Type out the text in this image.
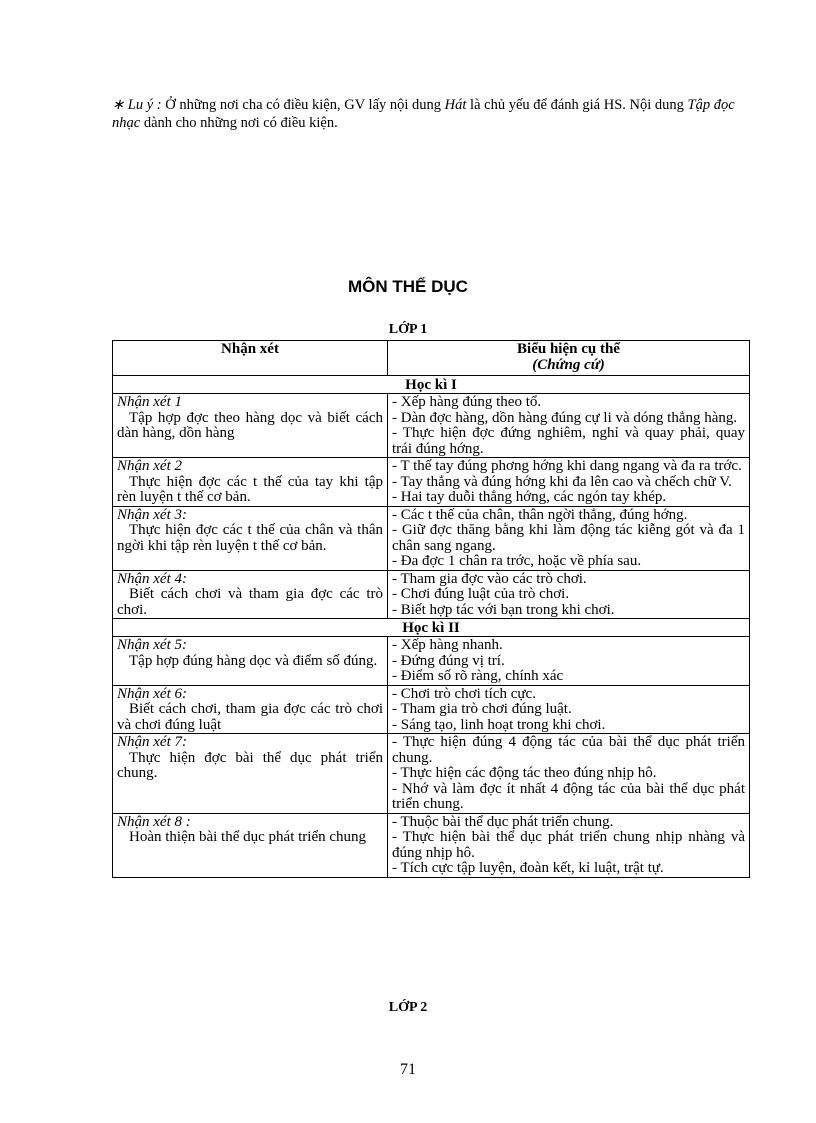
∗ Lu ý : Ở những nơi cha có điều kiện, GV lấy nội dung Hát là chủ yếu để đánh giá HS. Nội dung Tập đọc nhạc dành cho những nơi có điều kiện.
MÔN THỂ DỤC
LỚP 1
Nhận xét	Biểu hiện cụ thể
(Chứng cứ)

Học kì I	

Nhận xét 1
Tập hợp đợc theo hàng dọc và biết cách dàn hàng, dồn hàng	- Xếp hàng đúng theo tổ.
- Dàn đợc hàng, dồn hàng đúng cự li và dóng thẳng hàng.
- Thực hiện đợc đứng nghiêm, nghỉ và quay phải, quay trái đúng hớng.

Nhận xét 2
Thực hiện đợc các t thế của tay khi tập rèn luyện t thế cơ bản.	- T thế tay đúng phơng hớng khi dang ngang và đa ra trớc.
- Tay thẳng và đúng hớng khi đa lên cao và chếch chữ V.
- Hai tay duỗi thẳng hớng, các ngón tay khép.

Nhận xét 3:
Thực hiện đợc các t thế của chân và thân ngời khi tập rèn luyện t thế cơ bản.	- Các t thế của chân, thân ngời thẳng, đúng hớng.
- Giữ đợc thăng bằng khi làm động tác kiễng gót và đa 1 chân sang ngang.
- Đa đợc 1 chân ra trớc, hoặc về phía sau.

Nhận xét 4:
Biết cách chơi và tham gia đợc các trò chơi.	- Tham gia đợc vào các trò chơi.
- Chơi đúng luật của trò chơi.
- Biết hợp tác với bạn trong khi chơi.

Học kì II	

Nhận xét 5:
Tập hợp đúng hàng dọc và điểm số đúng.	- Xếp hàng nhanh.
- Đứng đúng vị trí.
- Điểm số rõ ràng, chính xác

Nhận xét 6:
Biết cách chơi, tham gia đợc các trò chơi và chơi đúng luật	- Chơi trò chơi tích cực.
- Tham gia trò chơi đúng luật.
- Sáng tạo, linh hoạt trong khi chơi.

Nhận xét 7:
Thực hiện đợc bài thể dục phát triển chung.	- Thực hiện đúng 4 động tác của bài thể dục phát triển chung.
- Thực hiện các động tác theo đúng nhịp hô.
- Nhớ và làm đợc ít nhất 4 động tác của bài thể dục phát triển chung.

Nhận xét 8 :
Hoàn thiện bài thể dục phát triển chung	- Thuộc bài thể dục phát triển chung.
- Thực hiện bài thể dục phát triển chung nhịp nhàng và đúng nhịp hô.
- Tích cực tập luyện, đoàn kết, kỉ luật, trật tự.
LỚP 2
71
